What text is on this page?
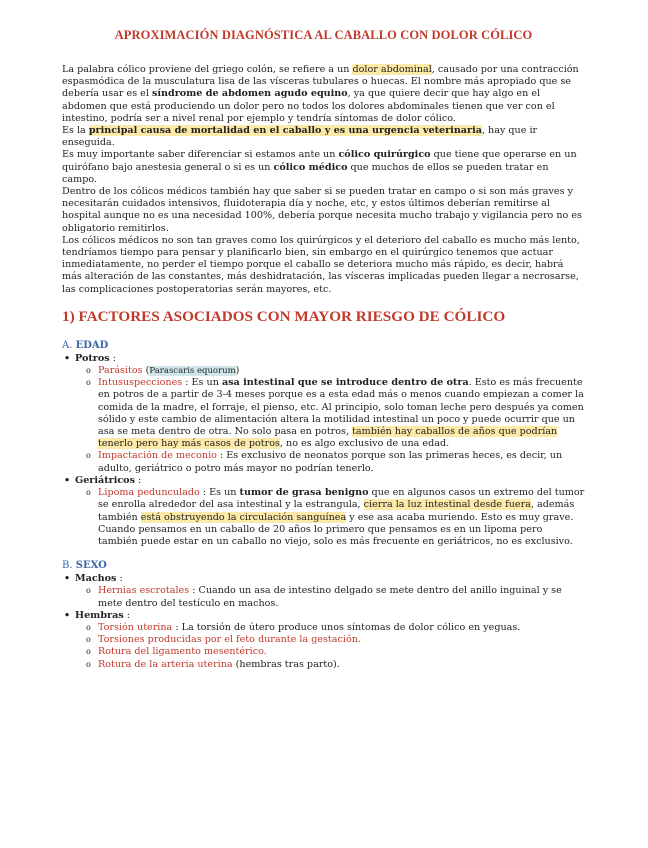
APROXIMACIÓN DIAGNÓSTICA AL CABALLO CON DOLOR CÓLICO

La palabra cólico proviene del griego colón, se refiere a un dolor abdominal, causado por una contracción espasmódica de la musculatura lisa de las vísceras tubulares o huecas. El nombre más apropiado que se debería usar es el síndrome de abdomen agudo equino, ya que quiere decir que hay algo en el abdomen que está produciendo un dolor pero no todos los dolores abdominales tienen que ver con el intestino, podría ser a nivel renal por ejemplo y tendría síntomas de dolor cólico.

Es la principal causa de mortalidad en el caballo y es una urgencia veterinaria, hay que ir enseguida.

Es muy importante saber diferenciar si estamos ante un cólico quirúrgico que tiene que operarse en un quirófano bajo anestesia general o si es un cólico médico que muchos de ellos se pueden tratar en campo.

Dentro de los cólicos médicos también hay que saber si se pueden tratar en campo o si son más graves y necesitarán cuidados intensivos, fluidoterapia día y noche, etc, y estos últimos deberían remitirse al hospital aunque no es una necesidad 100%, debería porque necesita mucho trabajo y vigilancia pero no es obligatorio remitirlos.

Los cólicos médicos no son tan graves como los quirúrgicos y el deterioro del caballo es mucho más lento, tendríamos tiempo para pensar y planificarlo bien, sin embargo en el quirúrgico tenemos que actuar inmediatamente, no perder el tiempo porque el caballo se deteriora mucho más rápido, es decir, habrá más alteración de las constantes, más deshidratación, las vísceras implicadas pueden llegar a necrosarse, las complicaciones postoperatorias serán mayores, etc.

1) FACTORES ASOCIADOS CON MAYOR RIESGO DE CÓLICO
A. EDAD
• Potros :
o Parásitos (Parascaris equorum)
o Intususpecciones : Es un asa intestinal que se introduce dentro de otra. Esto es más frecuente en potros de a partir de 3-4 meses porque es a esta edad más o menos cuando empiezan a comer la comida de la madre, el forraje, el pienso, etc. Al principio, solo toman leche pero después ya comen sólido y este cambio de alimentación altera la motilidad intestinal un poco y puede ocurrir que un asa se meta dentro de otra. No solo pasa en potros, también hay caballos de años que podrían tenerlo pero hay más casos de potros, no es algo exclusivo de una edad.
o Impactación de meconio : Es exclusivo de neonatos porque son las primeras heces, es decir, un adulto, geriátrico o potro más mayor no podrían tenerlo.
• Geriátricos :
o Lipoma pedunculado : Es un tumor de grasa benigno que en algunos casos un extremo del tumor se enrolla alrededor del asa intestinal y la estrangula, cierra la luz intestinal desde fuera, además también está obstruyendo la circulación sanguínea y ese asa acaba muriendo. Esto es muy grave. Cuando pensamos en un caballo de 20 años lo primero que pensamos es en un lipoma pero también puede estar en un caballo no viejo, solo es más frecuente en geriátricos, no es exclusivo.
B. SEXO
• Machos :
o Hernias escrotales : Cuando un asa de intestino delgado se mete dentro del anillo inguinal y se mete dentro del testículo en machos.
• Hembras :
o Torsión uterina : La torsión de útero produce unos síntomas de dolor cólico en yeguas.
o Torsiones producidas por el feto durante la gestación.
o Rotura del ligamento mesentérico.
o Rotura de la arteria uterina (hembras tras parto).
